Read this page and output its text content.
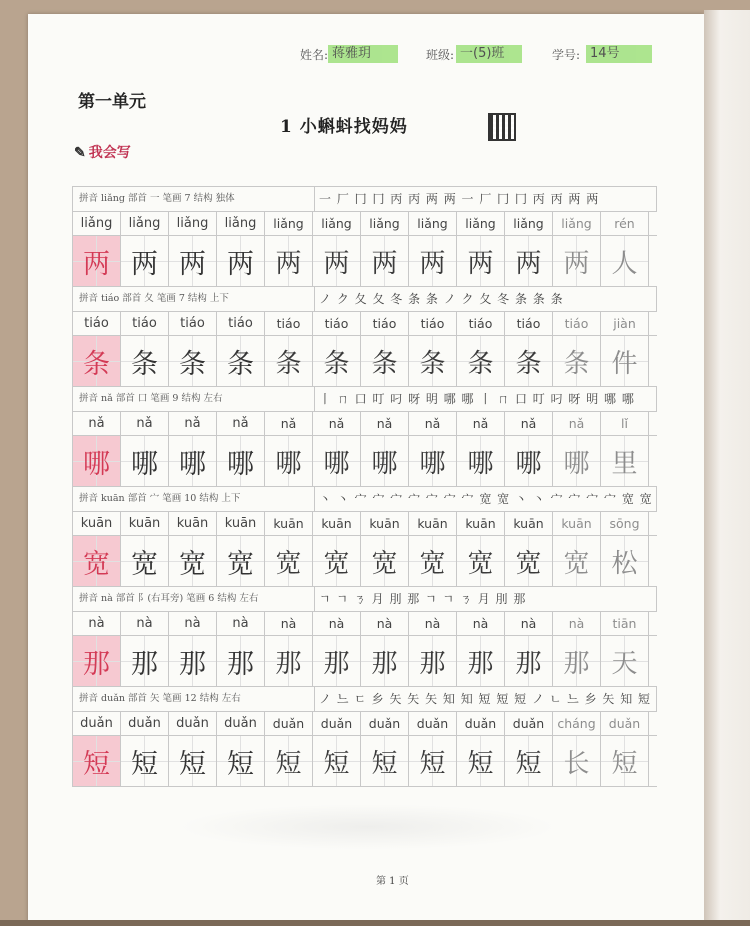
姓名: 蒋雅玥	班级: 一(5)班	学号: 14号
第一单元
1 小蝌蚪找妈妈
✎ 我会写
拼音 liǎng 部首 一 笔画 7 结构 独体	一 厂 冂 冂 丙 丙 两 两 一 厂 冂 冂 丙 丙 两 两
liǎng	liǎng	liǎng	liǎng	liǎng	liǎng	liǎng	liǎng	liǎng	liǎng	liǎng	rén
两 两 两 两 两 两 两 两 两 两 两 人
拼音 tiáo 部首 夂 笔画 7 结构 上下	ノ ク 夂 夂 冬 条 条 ノ ク 夂 冬 条 条 条
tiáo	tiáo	tiáo	tiáo	tiáo	tiáo	tiáo	tiáo	tiáo	tiáo	tiáo	jiàn
条 条 条 条 条 条 条 条 条 条 条 件
拼音 nǎ 部首 口 笔画 9 结构 左右	丨 ㄇ 口 叮 叼 呀 明 哪 哪 丨 ㄇ 口 叮 叼 呀 明 哪 哪
nǎ	nǎ	nǎ	nǎ	nǎ	nǎ	nǎ	nǎ	nǎ	nǎ	nǎ	lǐ
哪 哪 哪 哪 哪 哪 哪 哪 哪 哪 哪 里
拼音 kuān 部首 宀 笔画 10 结构 上下	丶 丶 宀 宀 宀 宀 宀 宀 宀 宽 宽 丶 丶 宀 宀 宀 宀 宽 宽
kuān	kuān	kuān	kuān	kuān	kuān	kuān	kuān	kuān	kuān	kuān	sōng
宽 宽 宽 宽 宽 宽 宽 宽 宽 宽 宽 松
拼音 nà 部首 阝(右耳旁) 笔画 6 结构 左右	ㄱ ㄱ ㄋ 月 刖 那 ㄱ ㄱ ㄋ 月 刖 那
nà	nà	nà	nà	nà	nà	nà	nà	nà	nà	nà	tiān
那 那 那 那 那 那 那 那 那 那 那 天
拼音 duǎn 部首 矢 笔画 12 结构 左右	ノ 느 ㄷ 乡 矢 矢 矢 知 知 短 短 短 ノ ㄴ 느 乡 矢 知 短
duǎn	duǎn	duǎn	duǎn	duǎn	duǎn	duǎn	duǎn	duǎn	duǎn	cháng	duǎn
短 短 短 短 短 短 短 短 短 短 长 短
第 1 页
